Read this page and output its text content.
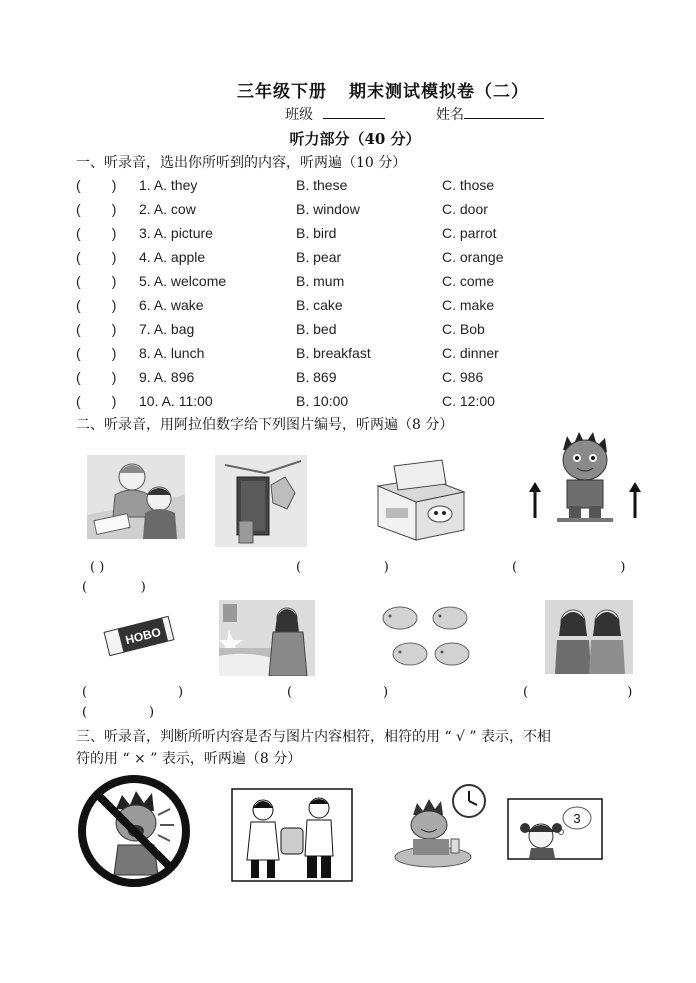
三年级下册 期末测试模拟卷（二）
班级	姓名
听力部分（40 分）
一、听录音，选出你所听到的内容，听两遍（10 分）
(        ) 1. A. they	B. these	C. those
(        ) 2. A. cow	B. window	C. door
(        ) 3. A. picture	B. bird	C. parrot
(        ) 4. A. apple	B. pear	C. orange
(        ) 5. A. welcome	B. mum	C. come
(        ) 6. A. wake	B. cake	C. make
(        ) 7. A. bag	B. bed	C. Bob
(        ) 8. A. lunch	B. breakfast	C. dinner
(        ) 9. A. 896	B. 869	C. 986
(        ) 10. A. 11:00	B. 10:00	C. 12:00
二、听录音，用阿拉伯数字给下列图片编号，听两遍（8 分）
( )	(                    )	(                         )
(             )
HOBO
(                      )	(                      )	(                        )
(               )
三、听录音，判断所听内容是否与图片内容相符，相符的用 “ √ ” 表示，不相
符的用 “ × ” 表示，听两遍（8 分）
3
